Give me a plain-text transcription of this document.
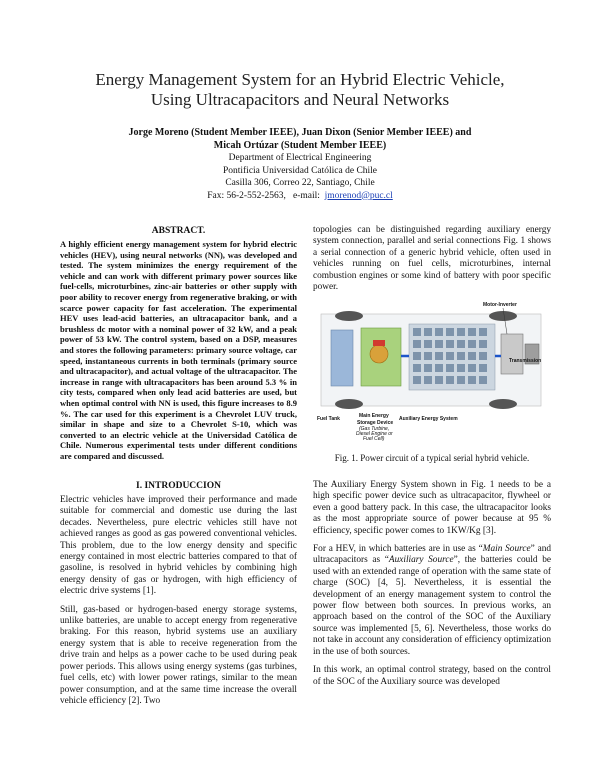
Energy Management System for an Hybrid Electric Vehicle,
Using Ultracapacitors and Neural Networks
Jorge Moreno (Student Member IEEE), Juan Dixon (Senior Member IEEE) and
Micah Ortúzar (Student Member IEEE)
Department of Electrical Engineering
Pontificia Universidad Católica de Chile
Casilla 306, Correo 22, Santiago, Chile
Fax: 56-2-552-2563,   e-mail:  jmorenod@puc.cl
ABSTRACT.
A highly efficient energy management system for hybrid electric vehicles (HEV), using neural networks (NN), was developed and tested. The system minimizes the energy requirement of the vehicle and can work with different primary power sources like fuel-cells, microturbines, zinc-air batteries or other supply with poor ability to recover energy from regenerative braking, or with scarce power capacity for fast acceleration. The experimental HEV uses lead-acid batteries, an ultracapacitor bank, and a brushless dc motor with a nominal power of 32 kW, and a peak power of 53 kW. The control system, based on a DSP, measures and stores the following parameters: primary source voltage, car speed, instantaneous currents in both terminals (primary source and ultracapacitor), and actual voltage of the ultracapacitor. The increase in range with ultracapacitors has been around 5.3 % in city tests, compared when only lead acid batteries are used, but when optimal control with NN is used, this figure increases to 8.9 %. The car used for this experiment is a Chevrolet LUV truck, similar in shape and size to a Chevrolet S-10, which was converted to an electric vehicle at the Universidad Católica de Chile. Numerous experimental tests under different conditions are compared and discussed.
I. INTRODUCCION

Electric vehicles have improved their performance and made suitable for commercial and domestic use during the last decades. Nevertheless, pure electric vehicles still have not achieved ranges as good as gas powered conventional vehicles. This problem, due to the low energy density and specific energy contained in most electric batteries compared to that of gasoline, is resolved in hybrid vehicles by combining high energy density of gas or hydrogen, with high efficiency of electric drive systems [1].

Still, gas-based or hydrogen-based energy storage systems, unlike batteries, are unable to accept energy from regenerative braking. For this reason, hybrid systems use an auxiliary energy system that is able to receive regeneration from the drive train and helps as a power cache to be used during peak power periods. This allows using energy systems (gas turbines, fuel cells, etc) with lower power ratings, similar to the mean power consumption, and at the same time increase the overall vehicle efficiency [2]. Two

topologies can be distinguished regarding auxiliary energy system connection, parallel and serial connections Fig. 1 shows a serial connection of a generic hybrid vehicle, often used in vehicles running on fuel cells, microturbines, internal combustion engines or some kind of battery with poor specific power.
Motor-Inverter
Transmission
Fuel Tank	Main Energy
Storage Device
(Gas Turbine,
Diesel Engine or
Fuel Cell)
Auxiliary Energy System
Fig. 1. Power circuit of a typical serial hybrid vehicle.

The Auxiliary Energy System shown in Fig. 1 needs to be a high specific power device such as ultracapacitor, flywheel or even a good battery pack. In this case, the ultracapacitor looks as the most appropriate source of power because at 95 % efficiency, specific power comes to 1KW/Kg [3].

For a HEV, in which batteries are in use as “Main Source” and ultracapacitors as “Auxiliary Source”, the batteries could be used with an extended range of operation with the same state of charge (SOC) [4, 5]. Nevertheless, it is essential the development of an energy management system to control the power flow between both sources. In previous works, an approach based on the control of the SOC of the Auxiliary source was implemented [5, 6]. Nevertheless, those works do not take in account any consideration of efficiency optimization in the use of both sources.

In this work, an optimal control strategy, based on the control of the SOC of the Auxiliary source was developed
